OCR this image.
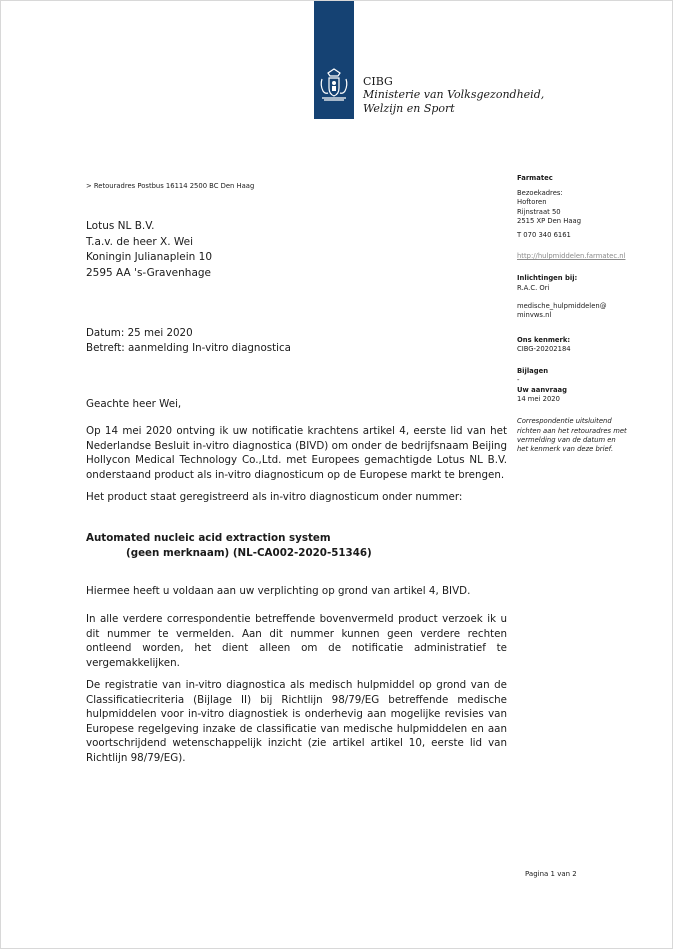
CIBG
Ministerie van Volksgezondheid,
Welzijn en Sport
> Retouradres Postbus 16114 2500 BC Den Haag
Lotus NL B.V.
T.a.v. de heer X. Wei
Koningin Julianaplein 10
2595 AA 's-Gravenhage
Datum: 25 mei 2020
Betreft: aanmelding In-vitro diagnostica
Farmatec
Bezoekadres:
Hoftoren
Rijnstraat 50
2515 XP Den Haag
T 070 340 6161
http://hulpmiddelen.farmatec.nl
Inlichtingen bij:
R.A.C. Ori
medische_hulpmiddelen@
minvws.nl
Ons kenmerk:
CIBG-20202184
Bijlagen
-
Uw aanvraag
14 mei 2020
Correspondentie uitsluitend
richten aan het retouradres met
vermelding van de datum en
het kenmerk van deze brief.
Geachte heer Wei,

Op 14 mei 2020 ontving ik uw notificatie krachtens artikel 4, eerste lid van het Nederlandse Besluit in-vitro diagnostica (BIVD) om onder de bedrijfsnaam Beijing Hollycon Medical Technology Co.,Ltd. met Europees gemachtigde Lotus NL B.V. onderstaand product als in-vitro diagnosticum op de Europese markt te brengen.

Het product staat geregistreerd als in-vitro diagnosticum onder nummer:

Automated nucleic acid extraction system
(geen merknaam) (NL-CA002-2020-51346)

Hiermee heeft u voldaan aan uw verplichting op grond van artikel 4, BIVD.

In alle verdere correspondentie betreffende bovenvermeld product verzoek ik u dit nummer te vermelden. Aan dit nummer kunnen geen verdere rechten ontleend worden, het dient alleen om de notificatie administratief te vergemakkelijken.

De registratie van in-vitro diagnostica als medisch hulpmiddel op grond van de Classificatiecriteria (Bijlage II) bij Richtlijn 98/79/EG betreffende medische hulpmiddelen voor in-vitro diagnostiek is onderhevig aan mogelijke revisies van Europese regelgeving inzake de classificatie van medische hulpmiddelen en aan voortschrijdend wetenschappelijk inzicht (zie artikel artikel 10, eerste lid van Richtlijn 98/79/EG).

Pagina 1 van 2
